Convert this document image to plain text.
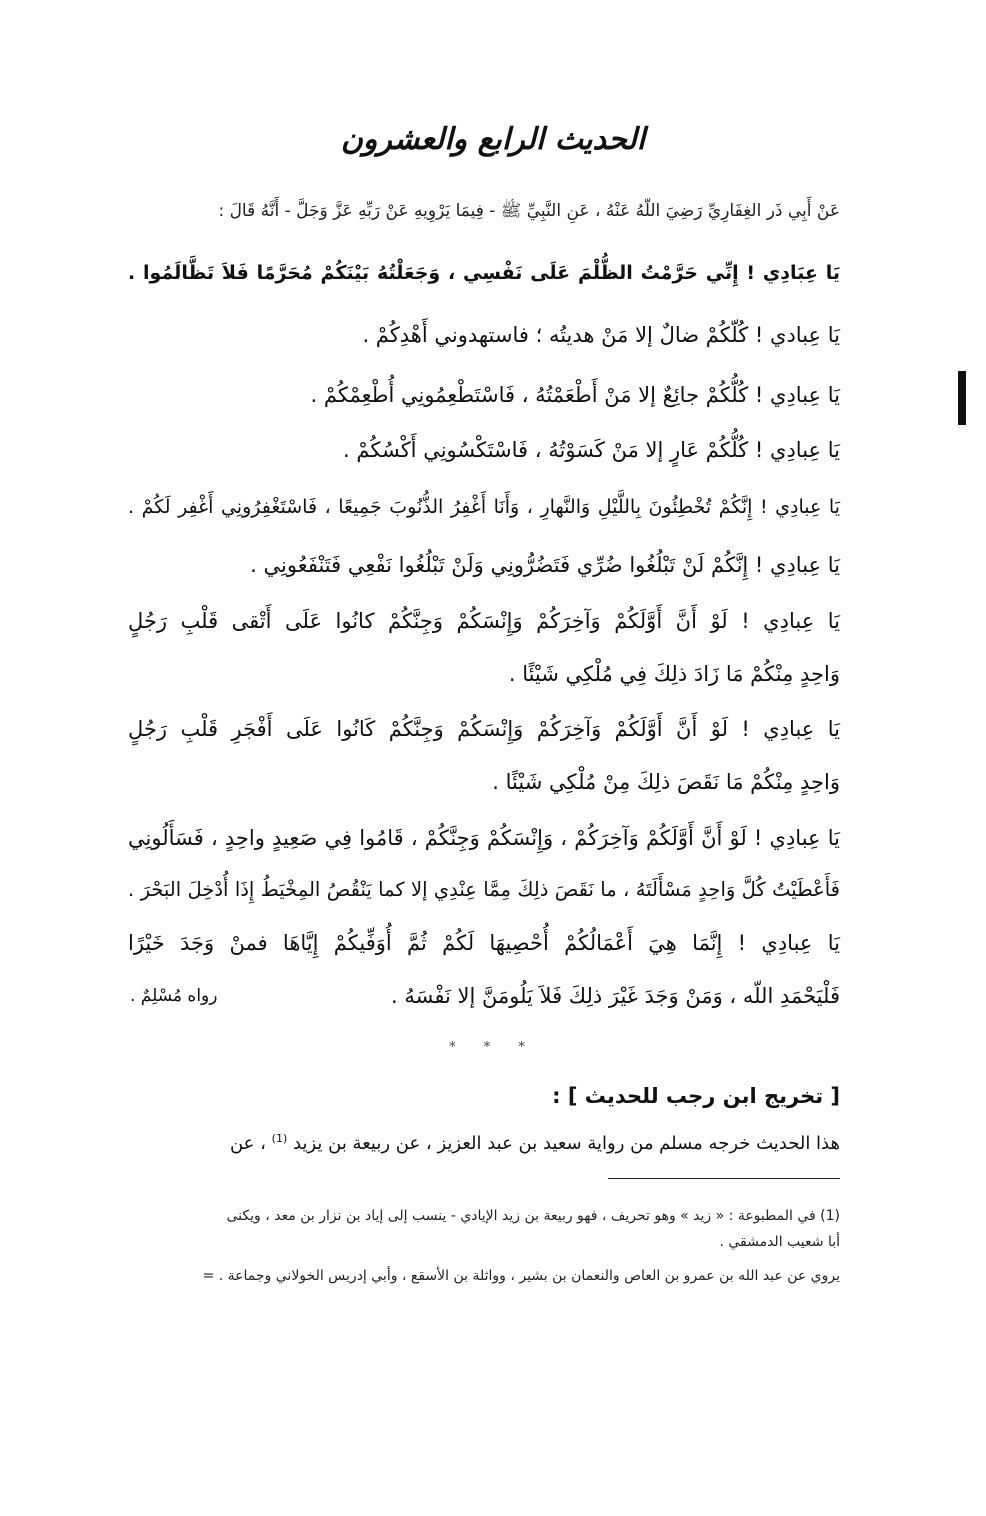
الحديث الرابع والعشرون
عَنْ أَبِي ذَر الغِفَارِيِّ رَضِيَ اللّهُ عَنْهُ ، عَنِ النَّبِيِّ ﷺ - فِيمَا يَرْوِيهِ عَنْ رَبِّهِ عَزَّ وَجَلَّ - أَنَّهُ قَالَ :
يَا عِبَادِي ! إِنِّي حَرَّمْتُ الظُّلْمَ عَلَى نَفْسِي ، وَجَعَلْتُهُ بَيْنَكُمْ مُحَرَّمًا فَلاَ تَظَّالَمُوا .
يَا عِبادي ! كُلّكُمْ ضالٌ إلا مَنْ هديتُه ؛ فاستهدوني أَهْدِكُمْ .
يَا عِبادِي ! كُلُّكُمْ جائِعٌ إلا مَنْ أَطْعَمْتُهُ ، فَاسْتَطْعِمُونِي أُطْعِمْكُمْ .
يَا عِبادِي ! كُلُّكُمْ عَارٍ إلا مَنْ كَسَوْتُهُ ، فَاسْتَكْسُونِي أَكْسُكُمْ .
يَا عِبادِي ! إِنَّكُمْ تُخْطِئُونَ بِاللَّيْلِ وَالنَّهارِ ، وَأَنَا أَغْفِرُ الذُّنُوبَ جَمِيعًا ، فَاسْتَغْفِرُونِي أَغْفِر لَكُمْ .
يَا عِبادِي ! إِنَّكُمْ لَنْ تَبْلُغُوا ضُرِّي فَتَضُرُّونِي وَلَنْ تَبْلُغُوا نَفْعِي فَتَنْفَعُونِي .
يَا عِبادِي ! لَوْ أَنَّ أَوَّلَكُمْ وَآخِرَكُمْ وَإِنْسَكُمْ وَجِنَّكُمْ كانُوا عَلَى أَتْقى قَلْبِ رَجُلٍ
وَاحِدٍ مِنْكُمْ مَا زَادَ ذلِكَ فِي مُلْكِي شَيْئًا .
يَا عِبادِي ! لَوْ أَنَّ أَوَّلَكُمْ وَآخِرَكُمْ وَإِنْسَكُمْ وَجِنَّكُمْ كَانُوا عَلَى أَفْجَرِ قَلْبِ رَجُلٍ
وَاحِدٍ مِنْكُمْ مَا نَقَصَ ذلِكَ مِنْ مُلْكِي شَيْئًا .
يَا عِبادِي ! لَوْ أَنَّ أَوَّلَكُمْ وَآخِرَكُمْ ، وَإِنْسَكُمْ وَجِنَّكُمْ ، قَامُوا فِي صَعِيدٍ واحِدٍ ، فَسَأَلُونِي
فَأَعْطَيْتُ كُلَّ وَاحِدٍ مَسْأَلَتَهُ ، ما نَقَصَ ذلِكَ مِمَّا عِنْدِي إلا كما يَنْقُصُ المِخْيَطُ إِذَا أُدْخِلَ البَحْرَ .
يَا عِبادِي ! إِنَّمَا هِيَ أَعْمَالُكُمْ أُحْصِيهَا لَكُمْ ثُمَّ أُوَفِّيكُمْ إِيَّاهَا فمنْ وَجَدَ خَيْرًا
فَلْيَحْمَدِ اللّه ، وَمَنْ وَجَدَ غَيْرَ ذلِكَ فَلاَ يَلُومَنَّ إلا نَفْسَهُ .
رواه مُسْلِمٌ .
* * *
[ تخريج ابن رجب للحديث ] :
هذا الحديث خرجه مسلم من رواية سعيد بن عبد العزيز ، عن ربيعة بن يزيد $^{(1)}$ ، عن
(1) في المطبوعة : « زيد » وهو تحريف ، فهو ربيعة بن زيد الإيادي - ينسب إلى إياد بن نزار بن معد ، ويكنى
أبا شعيب الدمشقي .
يروي عن عبد الله بن عمرو بن العاص والنعمان بن بشير ، وواثلة بن الأسقع ، وأبي إدريس الخولاني وجماعة . =
